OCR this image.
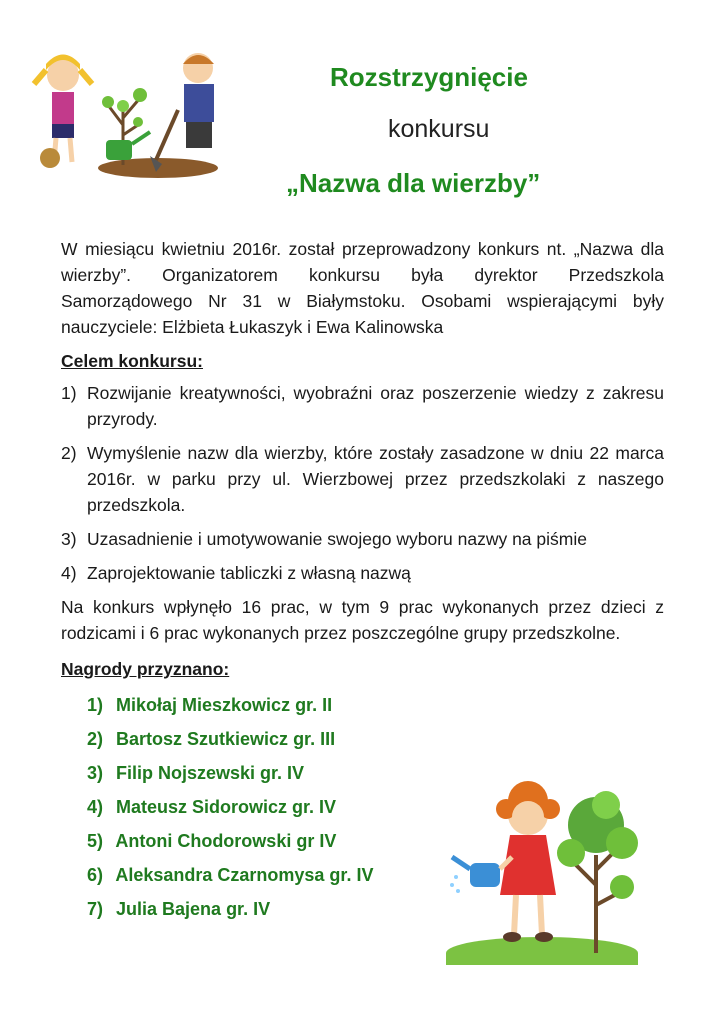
Rozstrzygnięcie
konkursu
„Nazwa dla wierzby”

W miesiącu kwietniu 2016r. został przeprowadzony konkurs nt. „Nazwa dla wierzby”. Organizatorem konkursu była dyrektor Przedszkola Samorządowego Nr 31 w Białymstoku. Osobami wspierającymi były nauczyciele: Elżbieta Łukaszyk i Ewa Kalinowska

Celem konkursu:
1) Rozwijanie kreatywności, wyobraźni oraz poszerzenie wiedzy z zakresu przyrody.
2) Wymyślenie nazw dla wierzby, które zostały zasadzone w dniu 22 marca 2016r. w parku przy ul. Wierzbowej przez przedszkolaki z naszego przedszkola.
3) Uzasadnienie i umotywowanie swojego wyboru nazwy na piśmie
4) Zaprojektowanie tabliczki z własną nazwą

Na konkurs wpłynęło 16 prac, w tym 9 prac wykonanych przez dzieci z rodzicami i 6 prac wykonanych przez poszczególne grupy przedszkolne.

Nagrody przyznano:
1) Mikołaj Mieszkowicz gr. II
2) Bartosz Szutkiewicz gr. III
3) Filip Nojszewski gr. IV
4) Mateusz Sidorowicz gr. IV
5) Antoni Chodorowski gr IV
6) Aleksandra Czarnomysa gr. IV
7) Julia Bajena gr. IV
